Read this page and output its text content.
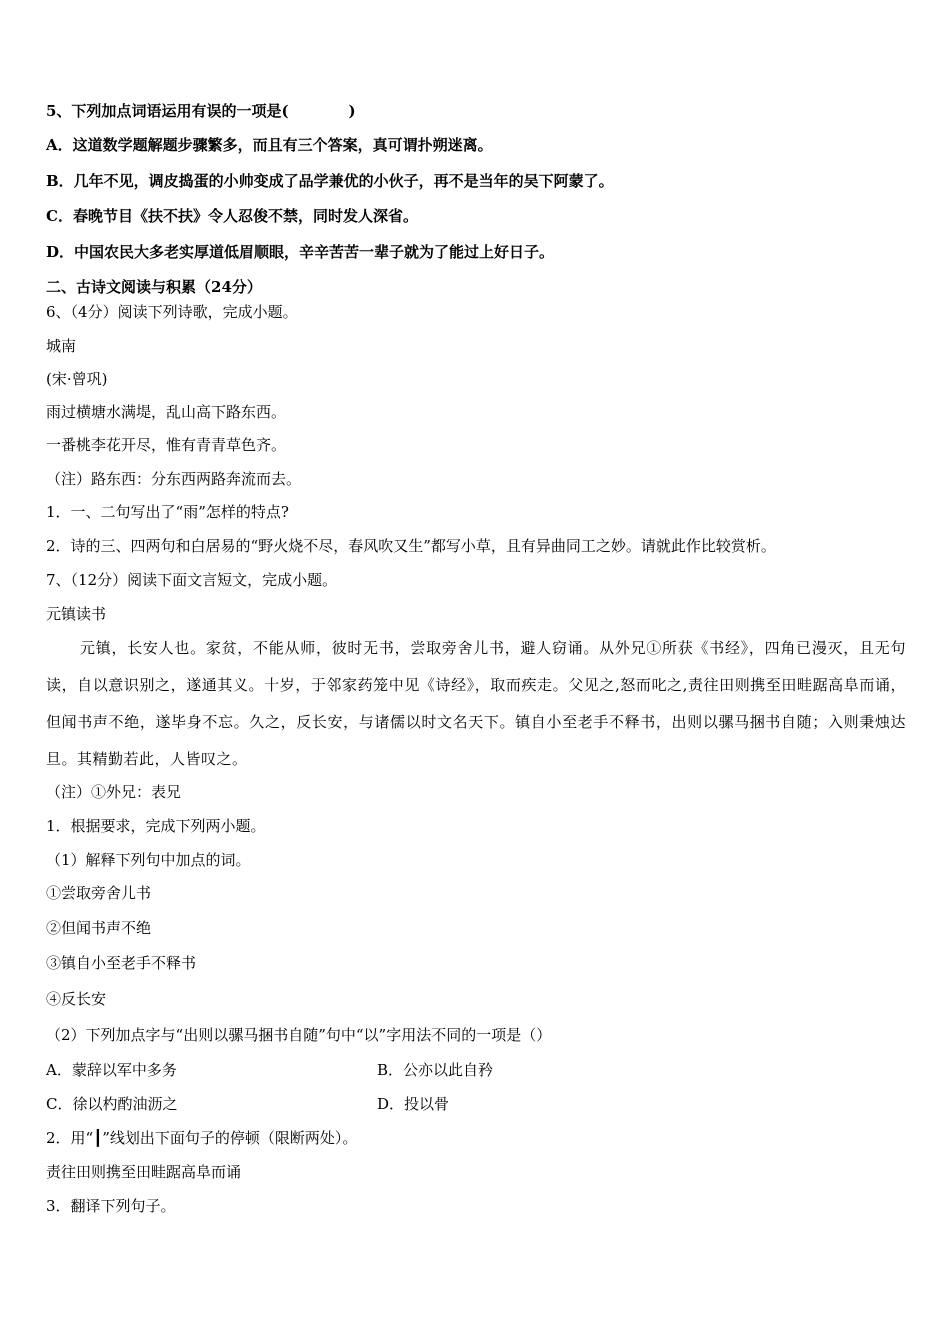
5、下列加点词语运用有误的一项是(　　　　)
A．这道数学题解题步骤繁多，而且有三个答案，真可谓扑朔迷离。
B．几年不见，调皮捣蛋的小帅变成了品学兼优的小伙子，再不是当年的吴下阿蒙了。
C．春晚节目《扶不扶》令人忍俊不禁，同时发人深省。
D．中国农民大多老实厚道低眉顺眼，辛辛苦苦一辈子就为了能过上好日子。
二、古诗文阅读与积累（24分）
6、（4分）阅读下列诗歌，完成小题。
城南
(宋·曾巩)
雨过横塘水满堤，乱山高下路东西。
一番桃李花开尽，惟有青青草色齐。
（注）路东西：分东西两路奔流而去。
1．一、二句写出了“雨”怎样的特点?
2．诗的三、四两句和白居易的“野火烧不尽，春风吹又生”都写小草，且有异曲同工之妙。请就此作比较赏析。
7、（12分）阅读下面文言短文，完成小题。
元镇读书

元镇，长安人也。家贫，不能从师，彼时无书，尝取旁舍儿书，避人窃诵。从外兄①所获《书经》，四角已漫灭，且无句读，自以意识别之，遂通其义。十岁，于邻家药笼中见《诗经》，取而疾走。父见之,怒而叱之,责往田则携至田畦踞高阜而诵，但闻书声不绝，遂毕身不忘。久之，反长安，与诸儒以时文名天下。镇自小至老手不释书，出则以骡马捆书自随；入则秉烛达旦。其精勤若此，人皆叹之。

（注）①外兄：表兄
1．根据要求，完成下列两小题。
（1）解释下列句中加点的词。
①尝取旁舍儿书
②但闻书声不绝
③镇自小至老手不释书
④反长安
（2）下列加点字与“出则以骡马捆书自随”句中“以”字用法不同的一项是（）
A．蒙辞以军中多务	B．公亦以此自矜
C．徐以杓酌油沥之	D．投以骨
2．用“┃”线划出下面句子的停顿（限断两处）。
责往田则携至田畦踞高阜而诵
3．翻译下列句子。
